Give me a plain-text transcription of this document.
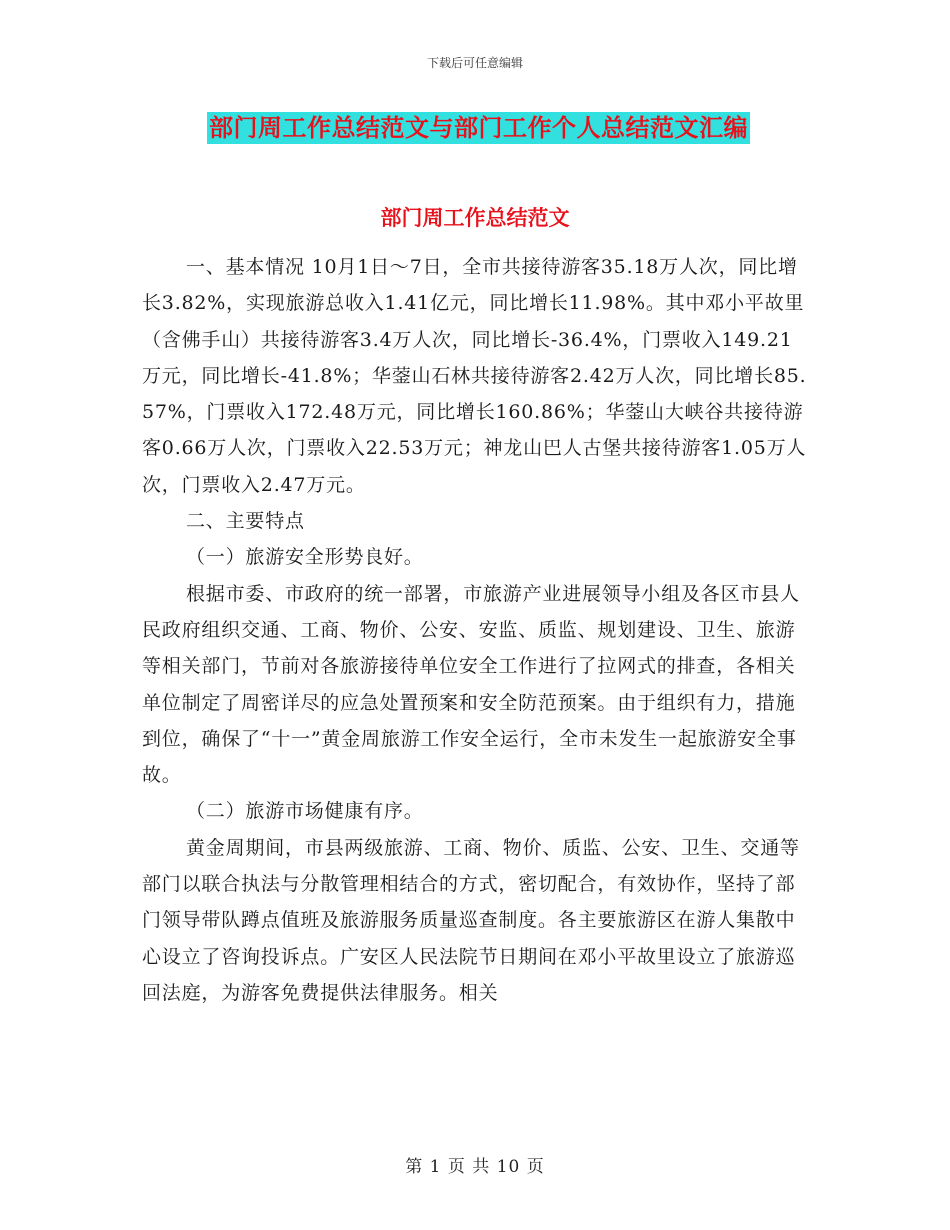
下载后可任意编辑
部门周工作总结范文与部门工作个人总结范文汇编
部门周工作总结范文

一、基本情况 10月1日～7日，全市共接待游客35.18万人次，同比增长3.82%，实现旅游总收入1.41亿元，同比增长11.98%。其中邓小平故里（含佛手山）共接待游客3.4万人次，同比增长-36.4%，门票收入149.21万元，同比增长-41.8%；华蓥山石林共接待游客2.42万人次，同比增长85.57%，门票收入172.48万元，同比增长160.86%；华蓥山大峡谷共接待游客0.66万人次，门票收入22.53万元；神龙山巴人古堡共接待游客1.05万人次，门票收入2.47万元。

二、主要特点

（一）旅游安全形势良好。

根据市委、市政府的统一部署，市旅游产业进展领导小组及各区市县人民政府组织交通、工商、物价、公安、安监、质监、规划建设、卫生、旅游等相关部门，节前对各旅游接待单位安全工作进行了拉网式的排查，各相关单位制定了周密详尽的应急处置预案和安全防范预案。由于组织有力，措施到位，确保了“十一”黄金周旅游工作安全运行，全市未发生一起旅游安全事故。

（二）旅游市场健康有序。

黄金周期间，市县两级旅游、工商、物价、质监、公安、卫生、交通等部门以联合执法与分散管理相结合的方式，密切配合，有效协作，坚持了部门领导带队蹲点值班及旅游服务质量巡查制度。各主要旅游区在游人集散中心设立了咨询投诉点。广安区人民法院节日期间在邓小平故里设立了旅游巡回法庭，为游客免费提供法律服务。相关

第 1 页 共 10 页
